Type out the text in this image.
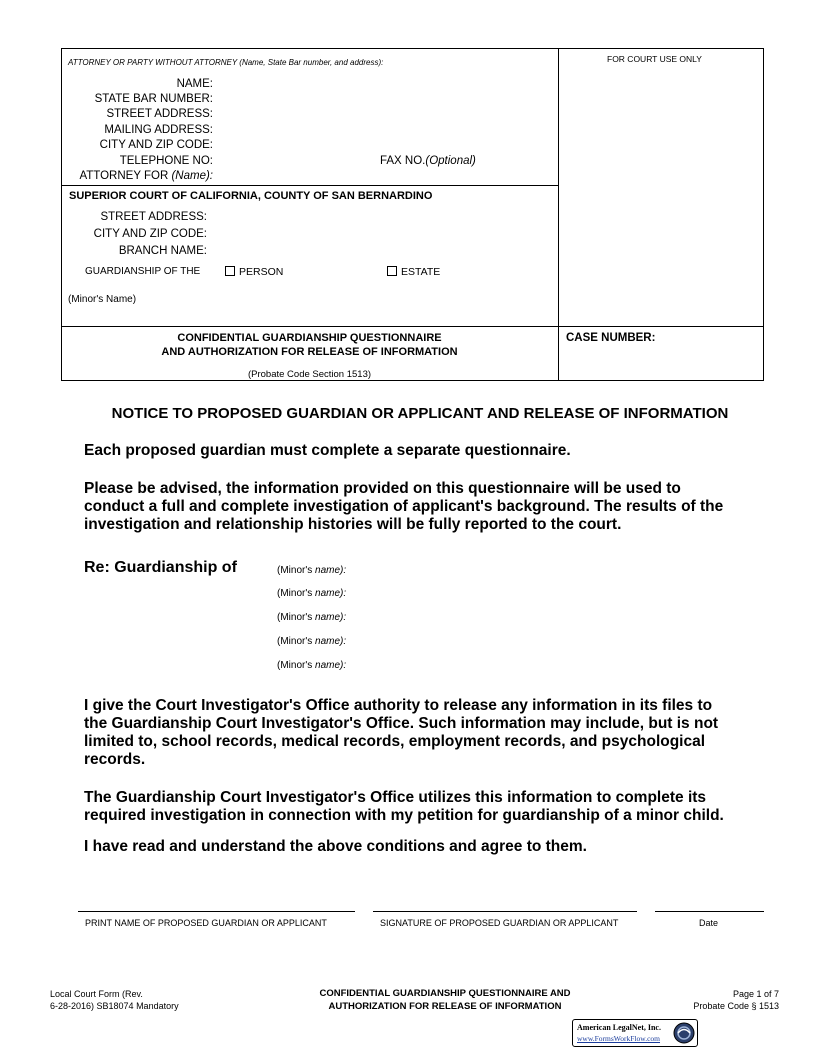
ATTORNEY OR PARTY WITHOUT ATTORNEY (Name, State Bar number, and address):	FOR COURT USE ONLY
NAME:
STATE BAR NUMBER:
STREET ADDRESS:
MAILING ADDRESS:
CITY AND ZIP CODE:
TELEPHONE NO:	FAX NO.(Optional)
ATTORNEY FOR (Name):
SUPERIOR COURT OF CALIFORNIA, COUNTY OF SAN BERNARDINO
STREET ADDRESS:
CITY AND ZIP CODE:
BRANCH NAME:
GUARDIANSHIP OF THE	PERSON	ESTATE
(Minor's Name)
CONFIDENTIAL GUARDIANSHIP QUESTIONNAIRE
AND AUTHORIZATION FOR RELEASE OF INFORMATION
(Probate Code Section 1513)
CASE NUMBER:
NOTICE TO PROPOSED GUARDIAN OR APPLICANT AND RELEASE OF INFORMATION
Each proposed guardian must complete a separate questionnaire.
Please be advised, the information provided on this questionnaire will be used to
conduct a full and complete investigation of applicant's background. The results of the
investigation and relationship histories will be fully reported to the court.
Re: Guardianship of	(Minor's name):
(Minor's name):
(Minor's name):
(Minor's name):
(Minor's name):
I give the Court Investigator's Office authority to release any information in its files to
the Guardianship Court Investigator's Office. Such information may include, but is not
limited to, school records, medical records, employment records, and psychological
records.
The Guardianship Court Investigator's Office utilizes this information to complete its
required investigation in connection with my petition for guardianship of a minor child.
I have read and understand the above conditions and agree to them.
PRINT NAME OF PROPOSED GUARDIAN OR APPLICANT	SIGNATURE OF PROPOSED GUARDIAN OR APPLICANT	Date
Local Court Form (Rev.
6-28-2016) SB18074 Mandatory
CONFIDENTIAL GUARDIANSHIP QUESTIONNAIRE AND
AUTHORIZATION FOR RELEASE OF INFORMATION
Page 1 of 7
Probate Code § 1513
American LegalNet, Inc.
www.FormsWorkFlow.com
